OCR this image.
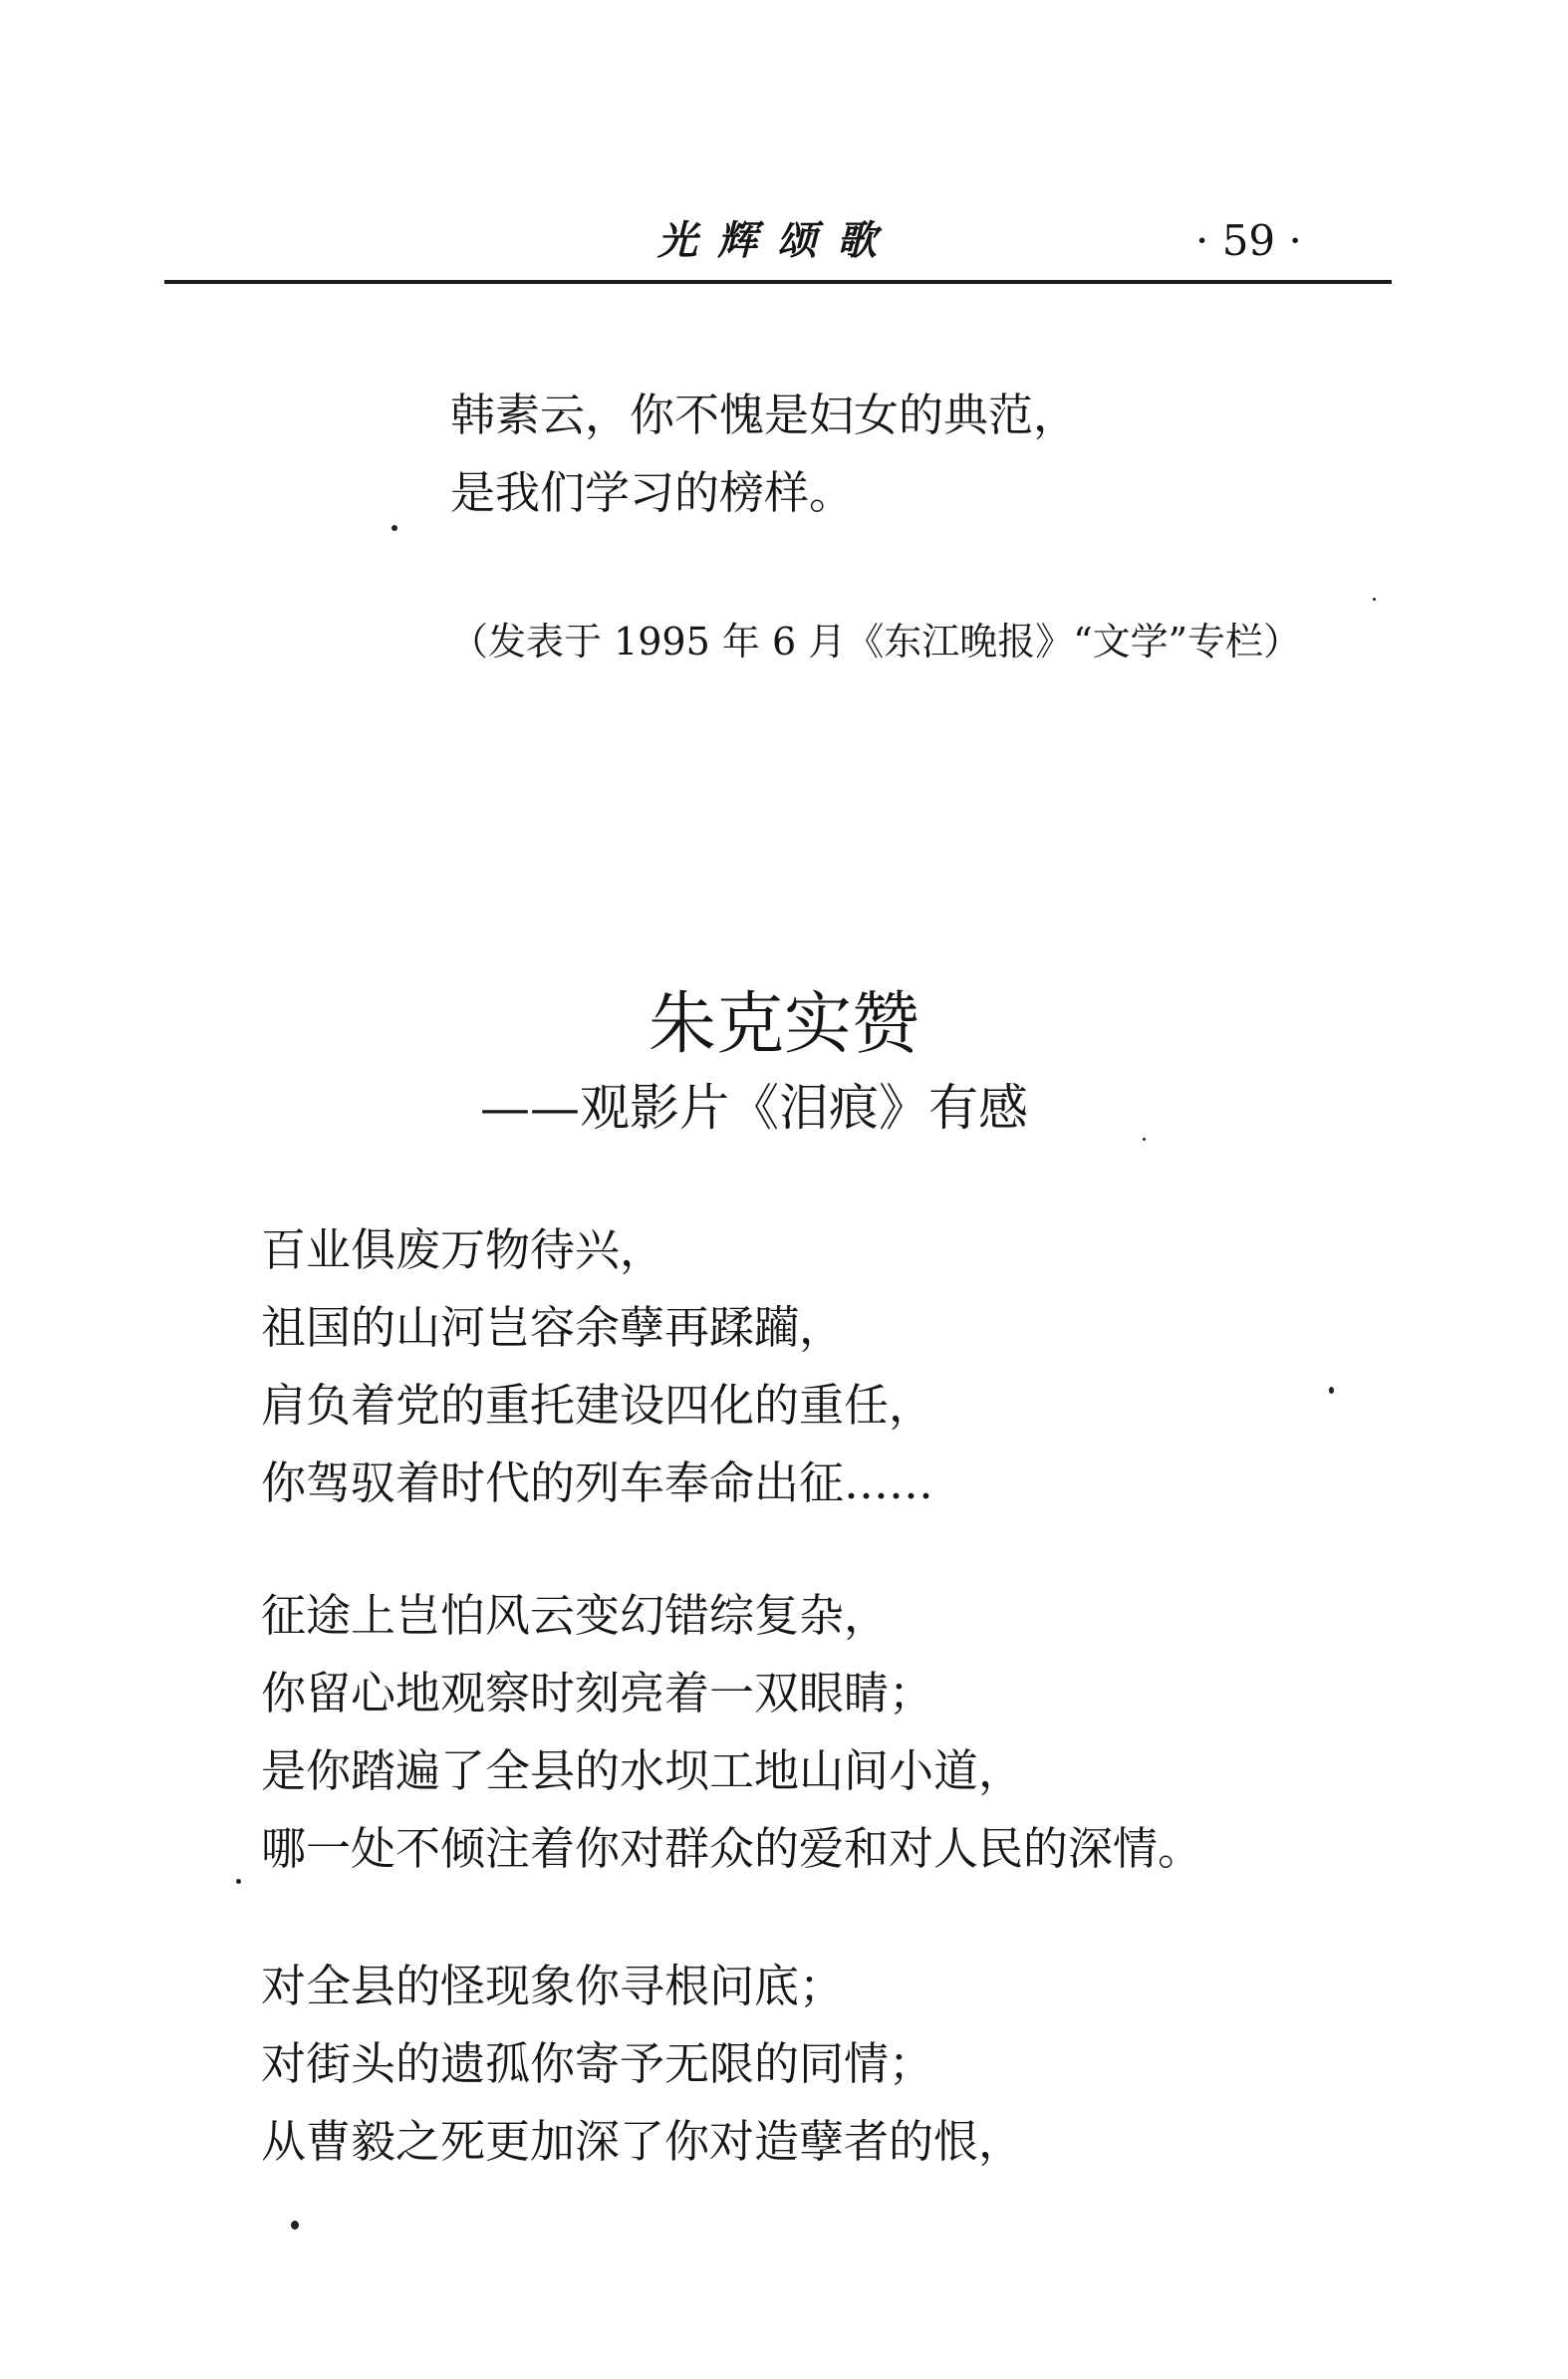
光辉颂歌	· 59 ·
韩素云，你不愧是妇女的典范，
是我们学习的榜样。
（发表于 1995 年 6 月《东江晚报》“文学”专栏）
朱克实赞
——观影片《泪痕》有感
百业俱废万物待兴，
祖国的山河岂容余孽再蹂躏，
肩负着党的重托建设四化的重任，
你驾驭着时代的列车奉命出征……
征途上岂怕风云变幻错综复杂，
你留心地观察时刻亮着一双眼睛；
是你踏遍了全县的水坝工地山间小道，
哪一处不倾注着你对群众的爱和对人民的深情。
对全县的怪现象你寻根问底；
对街头的遗孤你寄予无限的同情；
从曹毅之死更加深了你对造孽者的恨，
